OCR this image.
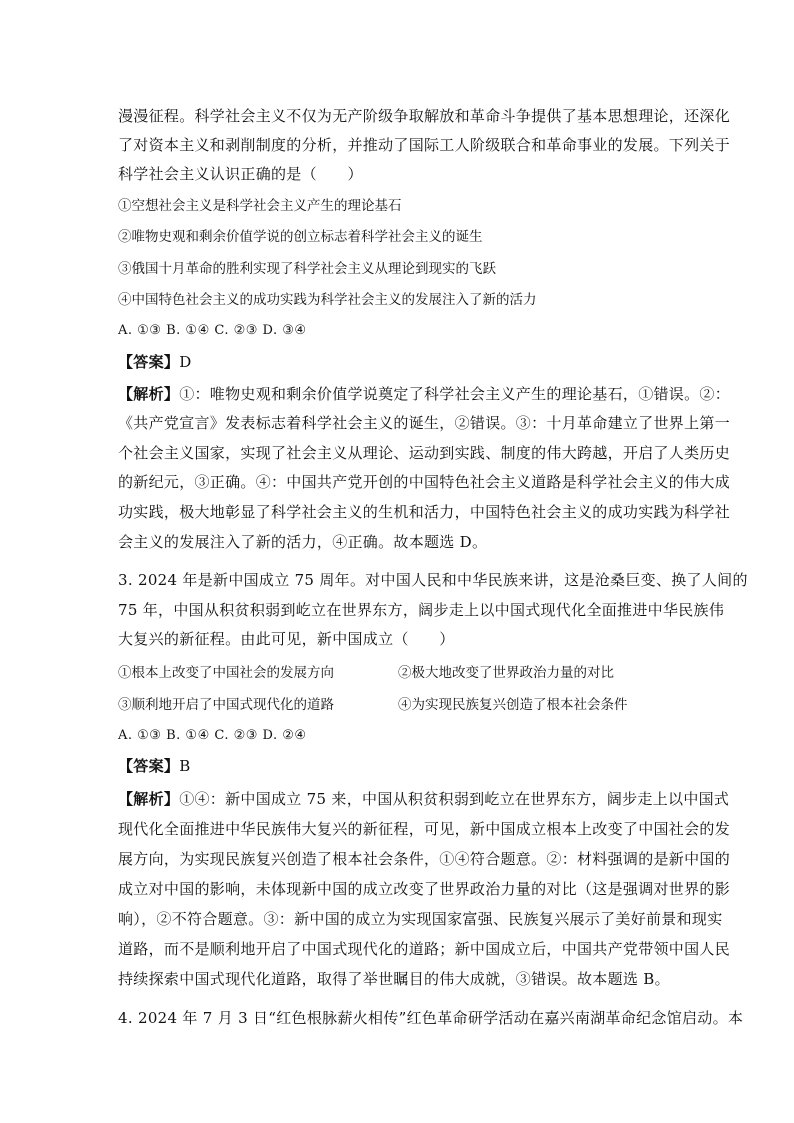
漫漫征程。科学社会主义不仅为无产阶级争取解放和革命斗争提供了基本思想理论，还深化
了对资本主义和剥削制度的分析，并推动了国际工人阶级联合和革命事业的发展。下列关于
科学社会主义认识正确的是（　　）
①空想社会主义是科学社会主义产生的理论基石
②唯物史观和剩余价值学说的创立标志着科学社会主义的诞生
③俄国十月革命的胜利实现了科学社会主义从理论到现实的飞跃
④中国特色社会主义的成功实践为科学社会主义的发展注入了新的活力
A. ①③ B. ①④ C. ②③ D. ③④
【答案】D
【解析】①：唯物史观和剩余价值学说奠定了科学社会主义产生的理论基石，①错误。②：
《共产党宣言》发表标志着科学社会主义的诞生，②错误。③：十月革命建立了世界上第一
个社会主义国家，实现了社会主义从理论、运动到实践、制度的伟大跨越，开启了人类历史
的新纪元，③正确。④：中国共产党开创的中国特色社会主义道路是科学社会主义的伟大成
功实践，极大地彰显了科学社会主义的生机和活力，中国特色社会主义的成功实践为科学社
会主义的发展注入了新的活力，④正确。故本题选 D。
3. 2024 年是新中国成立 75 周年。对中国人民和中华民族来讲，这是沧桑巨变、换了人间的
75 年，中国从积贫积弱到屹立在世界东方，阔步走上以中国式现代化全面推进中华民族伟
大复兴的新征程。由此可见，新中国成立（　　）
①根本上改变了中国社会的发展方向	②极大地改变了世界政治力量的对比
③顺利地开启了中国式现代化的道路	④为实现民族复兴创造了根本社会条件
A. ①③ B. ①④ C. ②③ D. ②④
【答案】B
【解析】①④：新中国成立 75 来，中国从积贫积弱到屹立在世界东方，阔步走上以中国式
现代化全面推进中华民族伟大复兴的新征程，可见，新中国成立根本上改变了中国社会的发
展方向，为实现民族复兴创造了根本社会条件，①④符合题意。②：材料强调的是新中国的
成立对中国的影响，未体现新中国的成立改变了世界政治力量的对比（这是强调对世界的影
响），②不符合题意。③：新中国的成立为实现国家富强、民族复兴展示了美好前景和现实
道路，而不是顺利地开启了中国式现代化的道路；新中国成立后，中国共产党带领中国人民
持续探索中国式现代化道路，取得了举世瞩目的伟大成就，③错误。故本题选 B。
4. 2024 年 7 月 3 日“红色根脉薪火相传”红色革命研学活动在嘉兴南湖革命纪念馆启动。本
